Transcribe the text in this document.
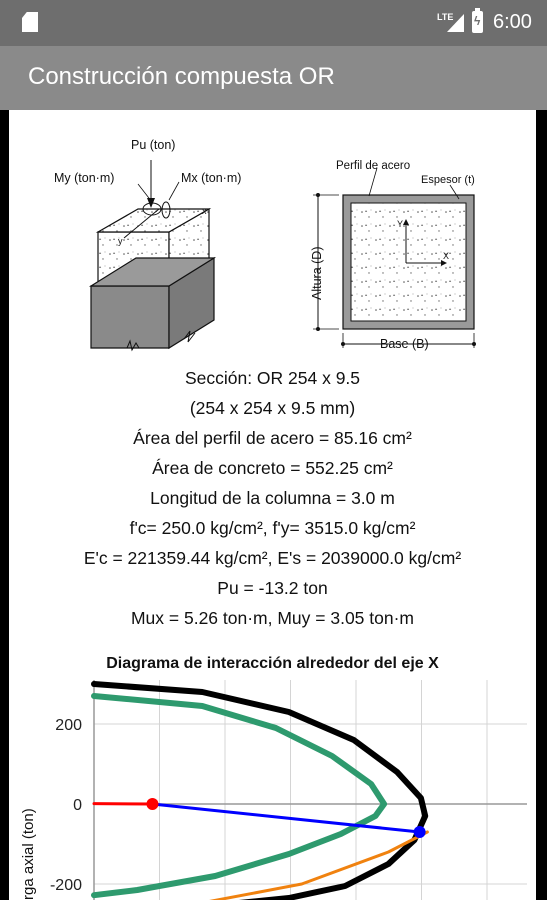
LTE ϟ 6:00
Construcción compuesta OR
Pu (ton)
My (ton·m)	Mx (ton·m)
x
y
Perfil de acero
Espesor (t)
Altura (D)
Base (B)
X
Y
Sección: OR 254 x 9.5
(254 x 254 x 9.5 mm)
Área del perfil de acero = 85.16 cm²
Área de concreto = 552.25 cm²
Longitud de la columna = 3.0 m
f'c= 250.0 kg/cm², f'y= 3515.0 kg/cm²
E'c = 221359.44 kg/cm², E's = 2039000.0 kg/cm²
Pu = -13.2 ton
Mux = 5.26 ton·m, Muy = 3.05 ton·m
Diagrama de interacción alrededor del eje X
200
0
-200
rga axial (ton)
